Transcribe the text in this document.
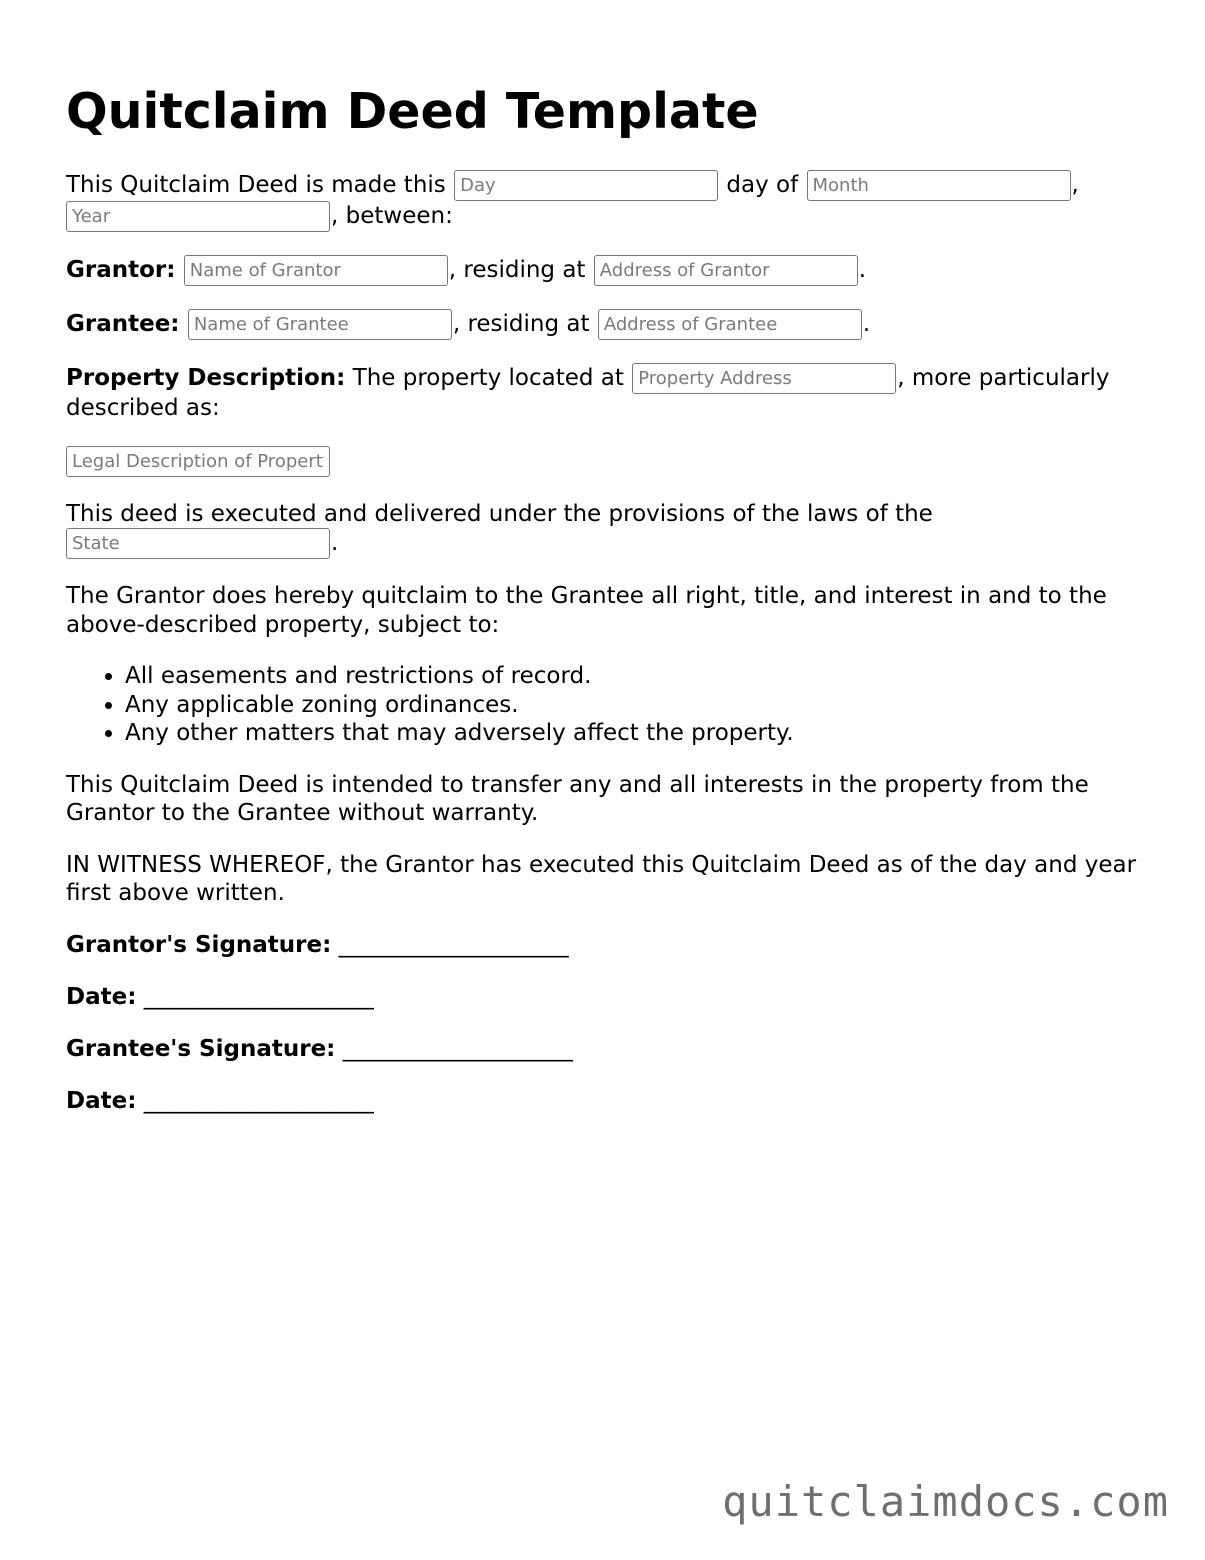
Quitclaim Deed Template

This Quitclaim Deed is made this Day	day of Month	,
Year, between:

Grantor: Name of Grantor	, residing at Address of Grantor	.

Grantee: Name of Grantee	, residing at Address of Grantee	.

Property Description: The property located at Property Address	, more particularly described as:

Legal Description of Property

This deed is executed and delivered under the provisions of the laws of the
State.

The Grantor does hereby quitclaim to the Grantee all right, title, and interest in and to the above-described property, subject to:

• All easements and restrictions of record.
• Any applicable zoning ordinances.
• Any other matters that may adversely affect the property.

This Quitclaim Deed is intended to transfer any and all interests in the property from the Grantor to the Grantee without warranty.

IN WITNESS WHEREOF, the Grantor has executed this Quitclaim Deed as of the day and year first above written.

Grantor's Signature: ____________________
Date: ____________________
Grantee's Signature: ____________________
Date: ____________________
quitclaimdocs.com
